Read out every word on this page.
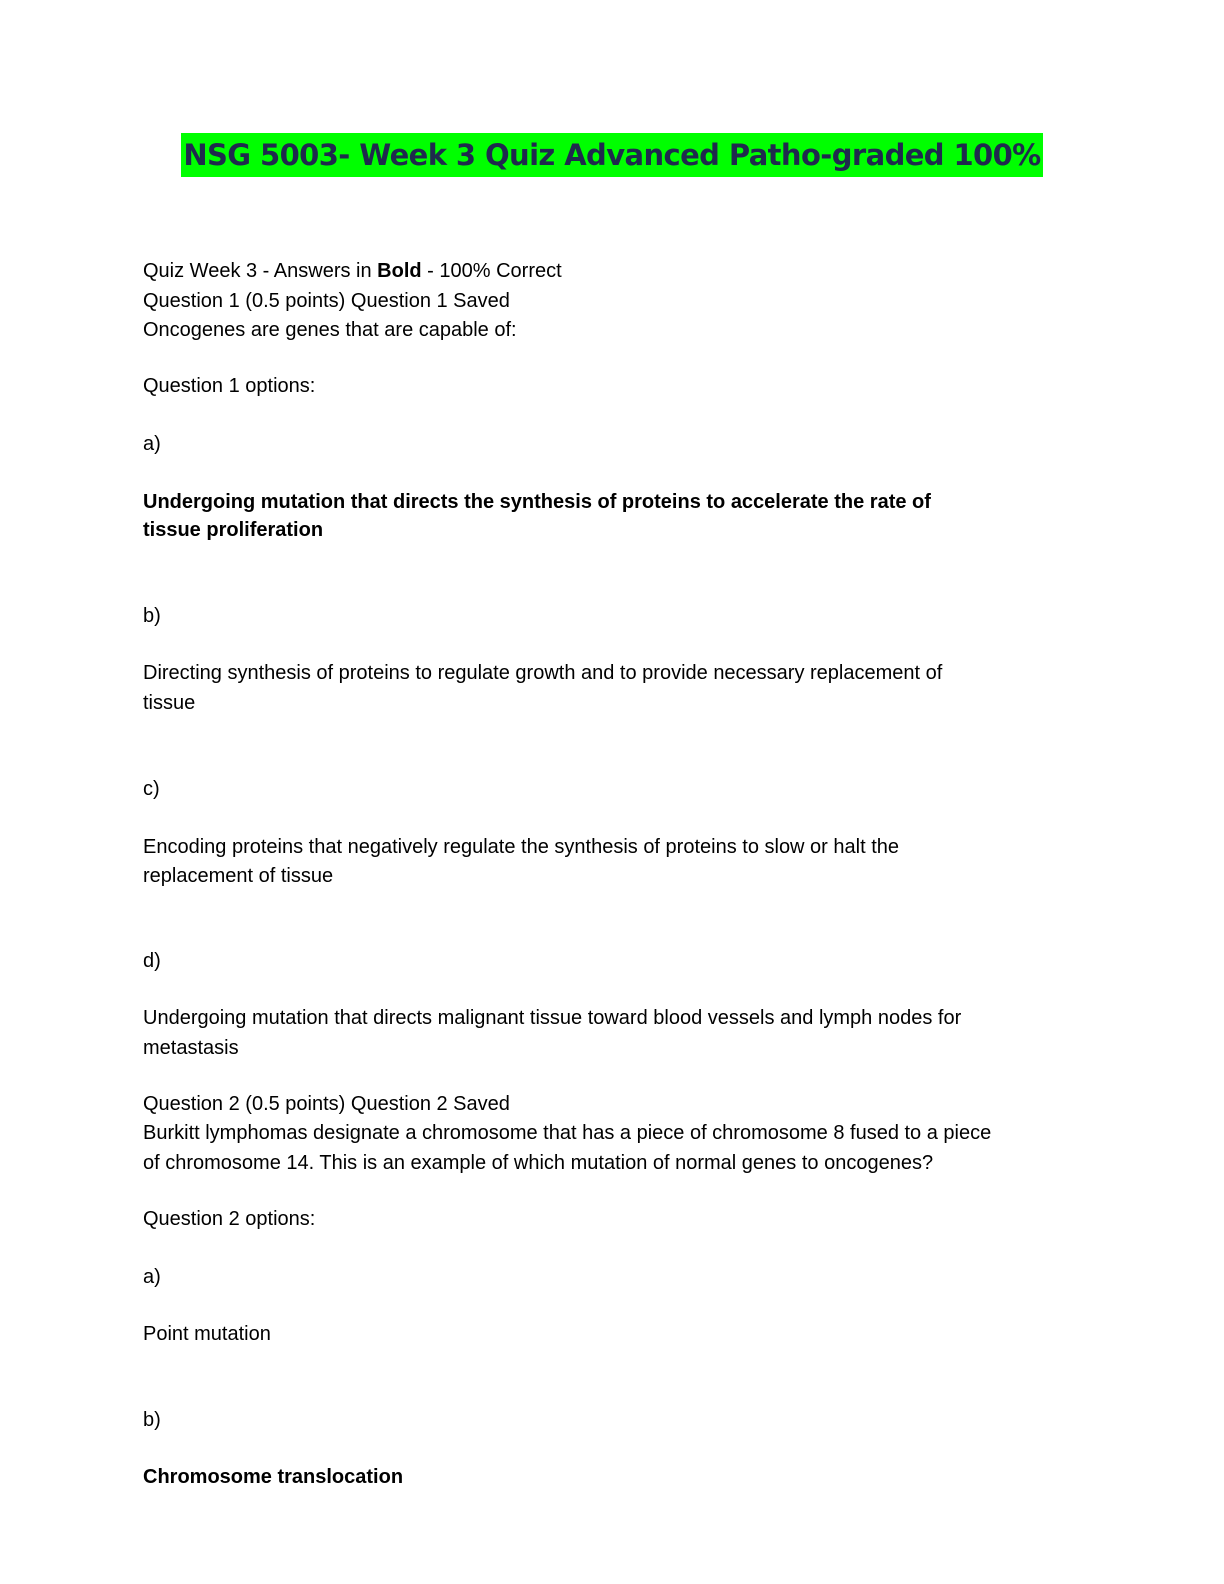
NSG 5003- Week 3 Quiz Advanced Patho-graded 100%
Quiz Week 3 - Answers in Bold - 100% Correct
Question 1 (0.5 points) Question 1 Saved
Oncogenes are genes that are capable of:
Question 1 options:
a)
Undergoing mutation that directs the synthesis of proteins to accelerate the rate of
tissue proliferation
b)
Directing synthesis of proteins to regulate growth and to provide necessary replacement of
tissue
c)
Encoding proteins that negatively regulate the synthesis of proteins to slow or halt the
replacement of tissue
d)
Undergoing mutation that directs malignant tissue toward blood vessels and lymph nodes for
metastasis
Question 2 (0.5 points) Question 2 Saved
Burkitt lymphomas designate a chromosome that has a piece of chromosome 8 fused to a piece
of chromosome 14. This is an example of which mutation of normal genes to oncogenes?
Question 2 options:
a)
Point mutation
b)
Chromosome translocation
